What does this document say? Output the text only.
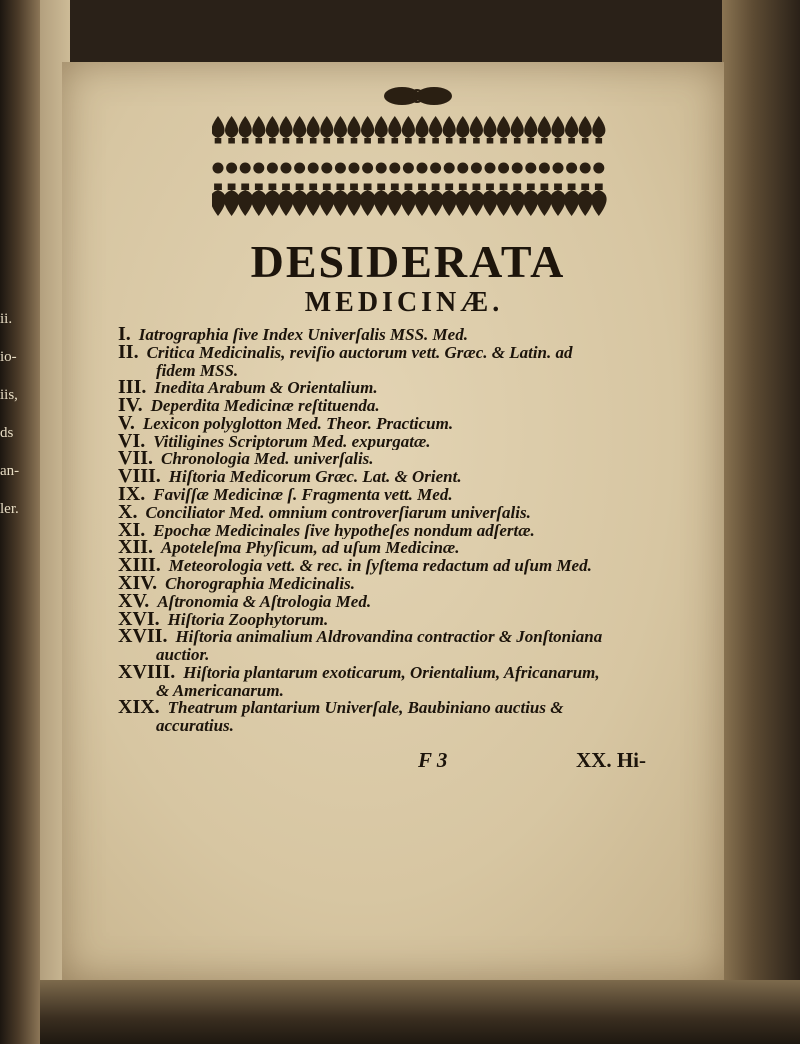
ii.
io-
iis,
ds
an-
ler.
DESIDERATA
MEDICINÆ.
I. Iatrographia ſive Index Univerſalis MSS. Med.
II. Critica Medicinalis, reviſio auctorum vett. Græc. & Latin. ad
fidem MSS.
III. Inedita Arabum & Orientalium.
IV. Deperdita Medicinæ reſtituenda.
V. Lexicon polyglotton Med. Theor. Practicum.
VI. Vitiligines Scriptorum Med. expurgatæ.
VII. Chronologia Med. univerſalis.
VIII. Hiſtoria Medicorum Græc. Lat. & Orient.
IX. Faviſſæ Medicinæ ſ. Fragmenta vett. Med.
X. Conciliator Med. omnium controverſiarum univerſalis.
XI. Epochæ Medicinales ſive hypotheſes nondum adſertæ.
XII. Apoteleſma Phyſicum, ad uſum Medicinæ.
XIII. Meteorologia vett. & rec. in ſyſtema redactum ad uſum Med.
XIV. Chorographia Medicinalis.
XV. Aſtronomia & Aſtrologia Med.
XVI. Hiſtoria Zoophytorum.
XVII. Hiſtoria animalium Aldrovandina contractior & Jonſtoniana
auctior.
XVIII. Hiſtoria plantarum exoticarum, Orientalium, Africanarum,
& Americanarum.
XIX. Theatrum plantarium Univerſale, Baubiniano auctius &
accuratius.
F 3	XX. Hi-
